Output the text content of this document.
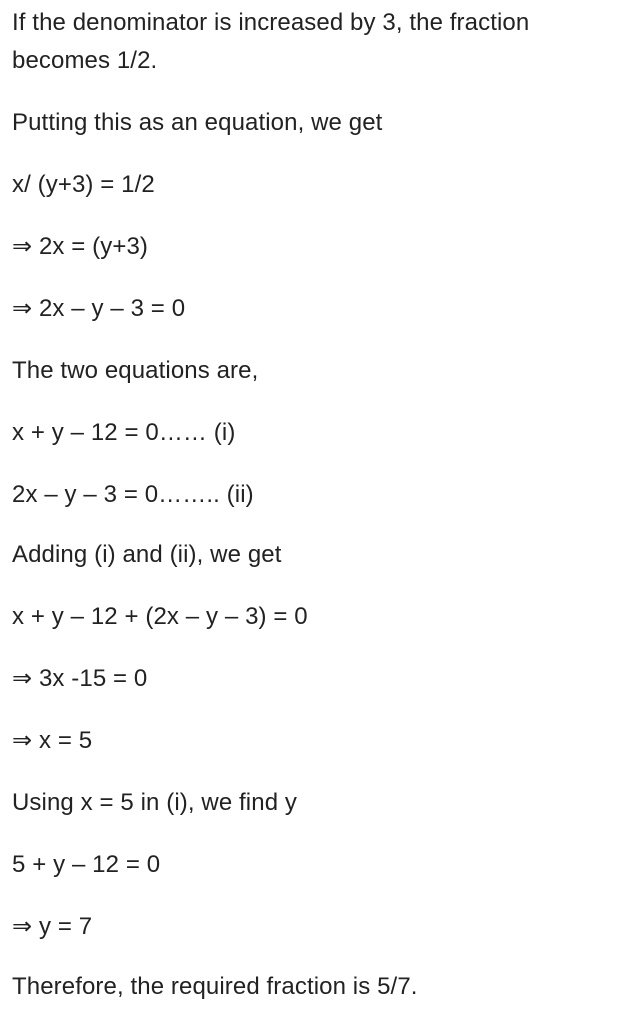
If the denominator is increased by 3, the fraction

becomes 1/2.

Putting this as an equation, we get

x/ (y+3) = 1/2

⇒ 2x = (y+3)

⇒ 2x – y – 3 = 0

The two equations are,

x + y – 12 = 0…… (i)

2x – y – 3 = 0…….. (ii)

Adding (i) and (ii), we get

x + y – 12 + (2x – y – 3) = 0

⇒ 3x -15 = 0

⇒ x = 5

Using x = 5 in (i), we find y

5 + y – 12 = 0

⇒ y = 7

Therefore, the required fraction is 5/7.
